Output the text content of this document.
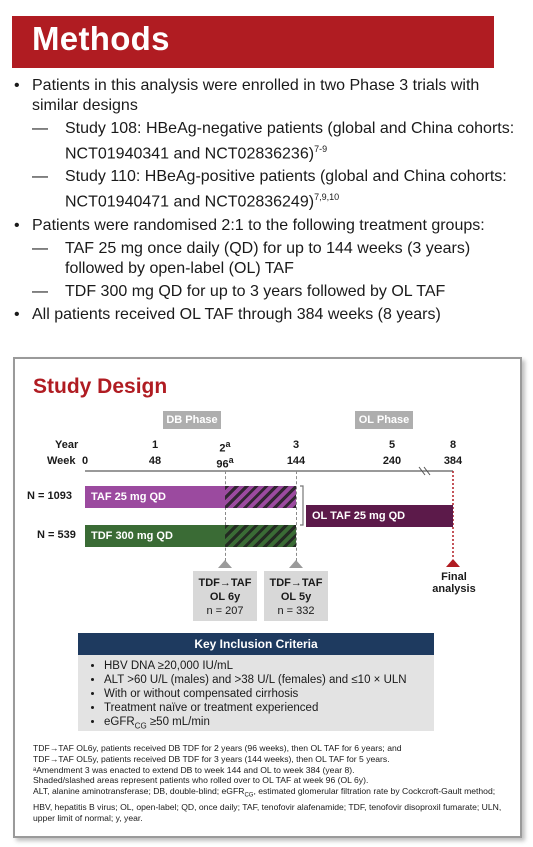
Methods
• Patients in this analysis were enrolled in two Phase 3 trials with similar designs
— Study 108: HBeAg-negative patients (global and China cohorts: NCT01940341 and NCT02836236)$^{7-9}$
— Study 110: HBeAg-positive patients (global and China cohorts: NCT01940471 and NCT02836249)$^{7,9,10}$
• Patients were randomised 2:1 to the following treatment groups:
— TAF 25 mg once daily (QD) for up to 144 weeks (3 years) followed by open-label (OL) TAF
— TDF 300 mg QD for up to 3 years followed by OL TAF
• All patients received OL TAF through 384 weeks (8 years)
Study Design
DB Phase	OL Phase
Year
Week 0
1
48
2$^a$
96$^a$
3
144
5
240
8
384
N = 1093	TAF 25 mg QD
N = 539	TDF 300 mg QD
OL TAF 25 mg QD
Final analysis
TDF→TAF
OL 6y
n = 207
TDF→TAF
OL 5y
n = 332
Key Inclusion Criteria
• HBV DNA ≥20,000 IU/mL
• ALT >60 U/L (males) and >38 U/L (females) and ≤10 × ULN
• With or without compensated cirrhosis
• Treatment naïve or treatment experienced
• eGFR$_{CG}$ ≥50 mL/min
TDF→TAF OL6y, patients received DB TDF for 2 years (96 weeks), then OL TAF for 6 years; and
TDF→TAF OL5y, patients received DB TDF for 3 years (144 weeks), then OL TAF for 5 years.
ᵃAmendment 3 was enacted to extend DB to week 144 and OL to week 384 (year 8).
Shaded/slashed areas represent patients who rolled over to OL TAF at week 96 (OL 6y).
ALT, alanine aminotransferase; DB, double-blind; eGFR$_{CG}$, estimated glomerular filtration rate by Cockcroft-Gault method; HBV, hepatitis B virus; OL, open-label; QD, once daily; TAF, tenofovir alafenamide; TDF, tenofovir disoproxil fumarate; ULN, upper limit of normal; y, year.
